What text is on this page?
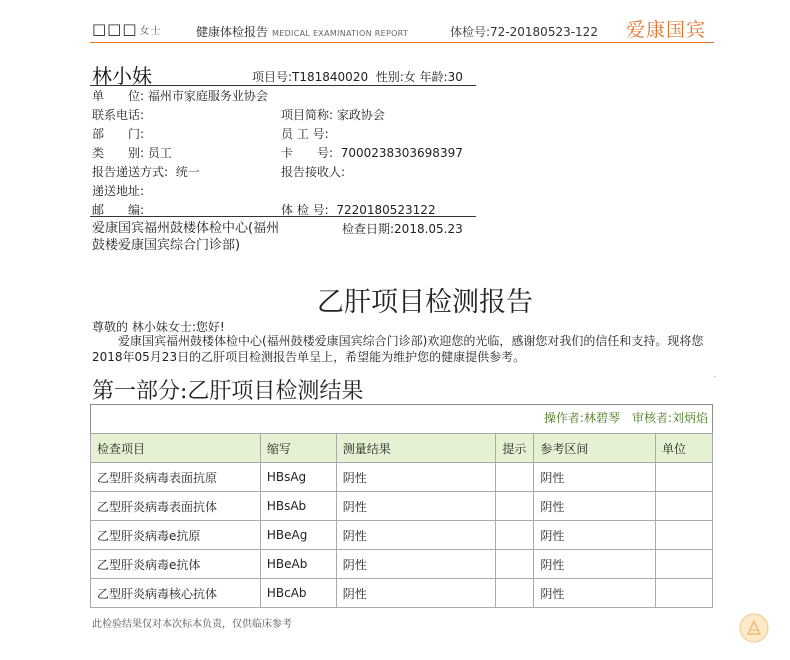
□□□ 女士	健康体检报告 MEDICAL EXAMINATION REPORT	体检号:72-20180523-122 爱康国宾
林小妹	项目号:T181840020 性别:女 年龄:30
单　　位: 福州市家庭服务业协会
联系电话:	项目简称: 家政协会
部　　门:	员 工 号:
类　　别: 员工	卡　　号: 7000238303698397
报告递送方式: 统一	报告接收人:
递送地址:
邮　　编:	体 检 号: 7220180523122
爱康国宾福州鼓楼体检中心(福州鼓楼爱康国宾综合门诊部)
检查日期:2018.05.23
乙肝项目检测报告
尊敬的 林小妹女士:您好!
爱康国宾福州鼓楼体检中心(福州鼓楼爱康国宾综合门诊部)欢迎您的光临，感谢您对我们的信任和支持。现将您2018年05月23日的乙肝项目检测报告单呈上，希望能为维护您的健康提供参考。
第一部分:乙肝项目检测结果
.
操作者:林碧琴　审核者:刘炳焰
检查项目	缩写	测量结果	提示	参考区间	单位
乙型肝炎病毒表面抗原	HBsAg	阴性		阴性	
乙型肝炎病毒表面抗体	HBsAb	阴性		阴性	
乙型肝炎病毒e抗原	HBeAg	阴性		阴性	
乙型肝炎病毒e抗体	HBeAb	阴性		阴性	
乙型肝炎病毒核心抗体	HBcAb	阴性		阴性	
此检验结果仅对本次标本负责，仅供临床参考
